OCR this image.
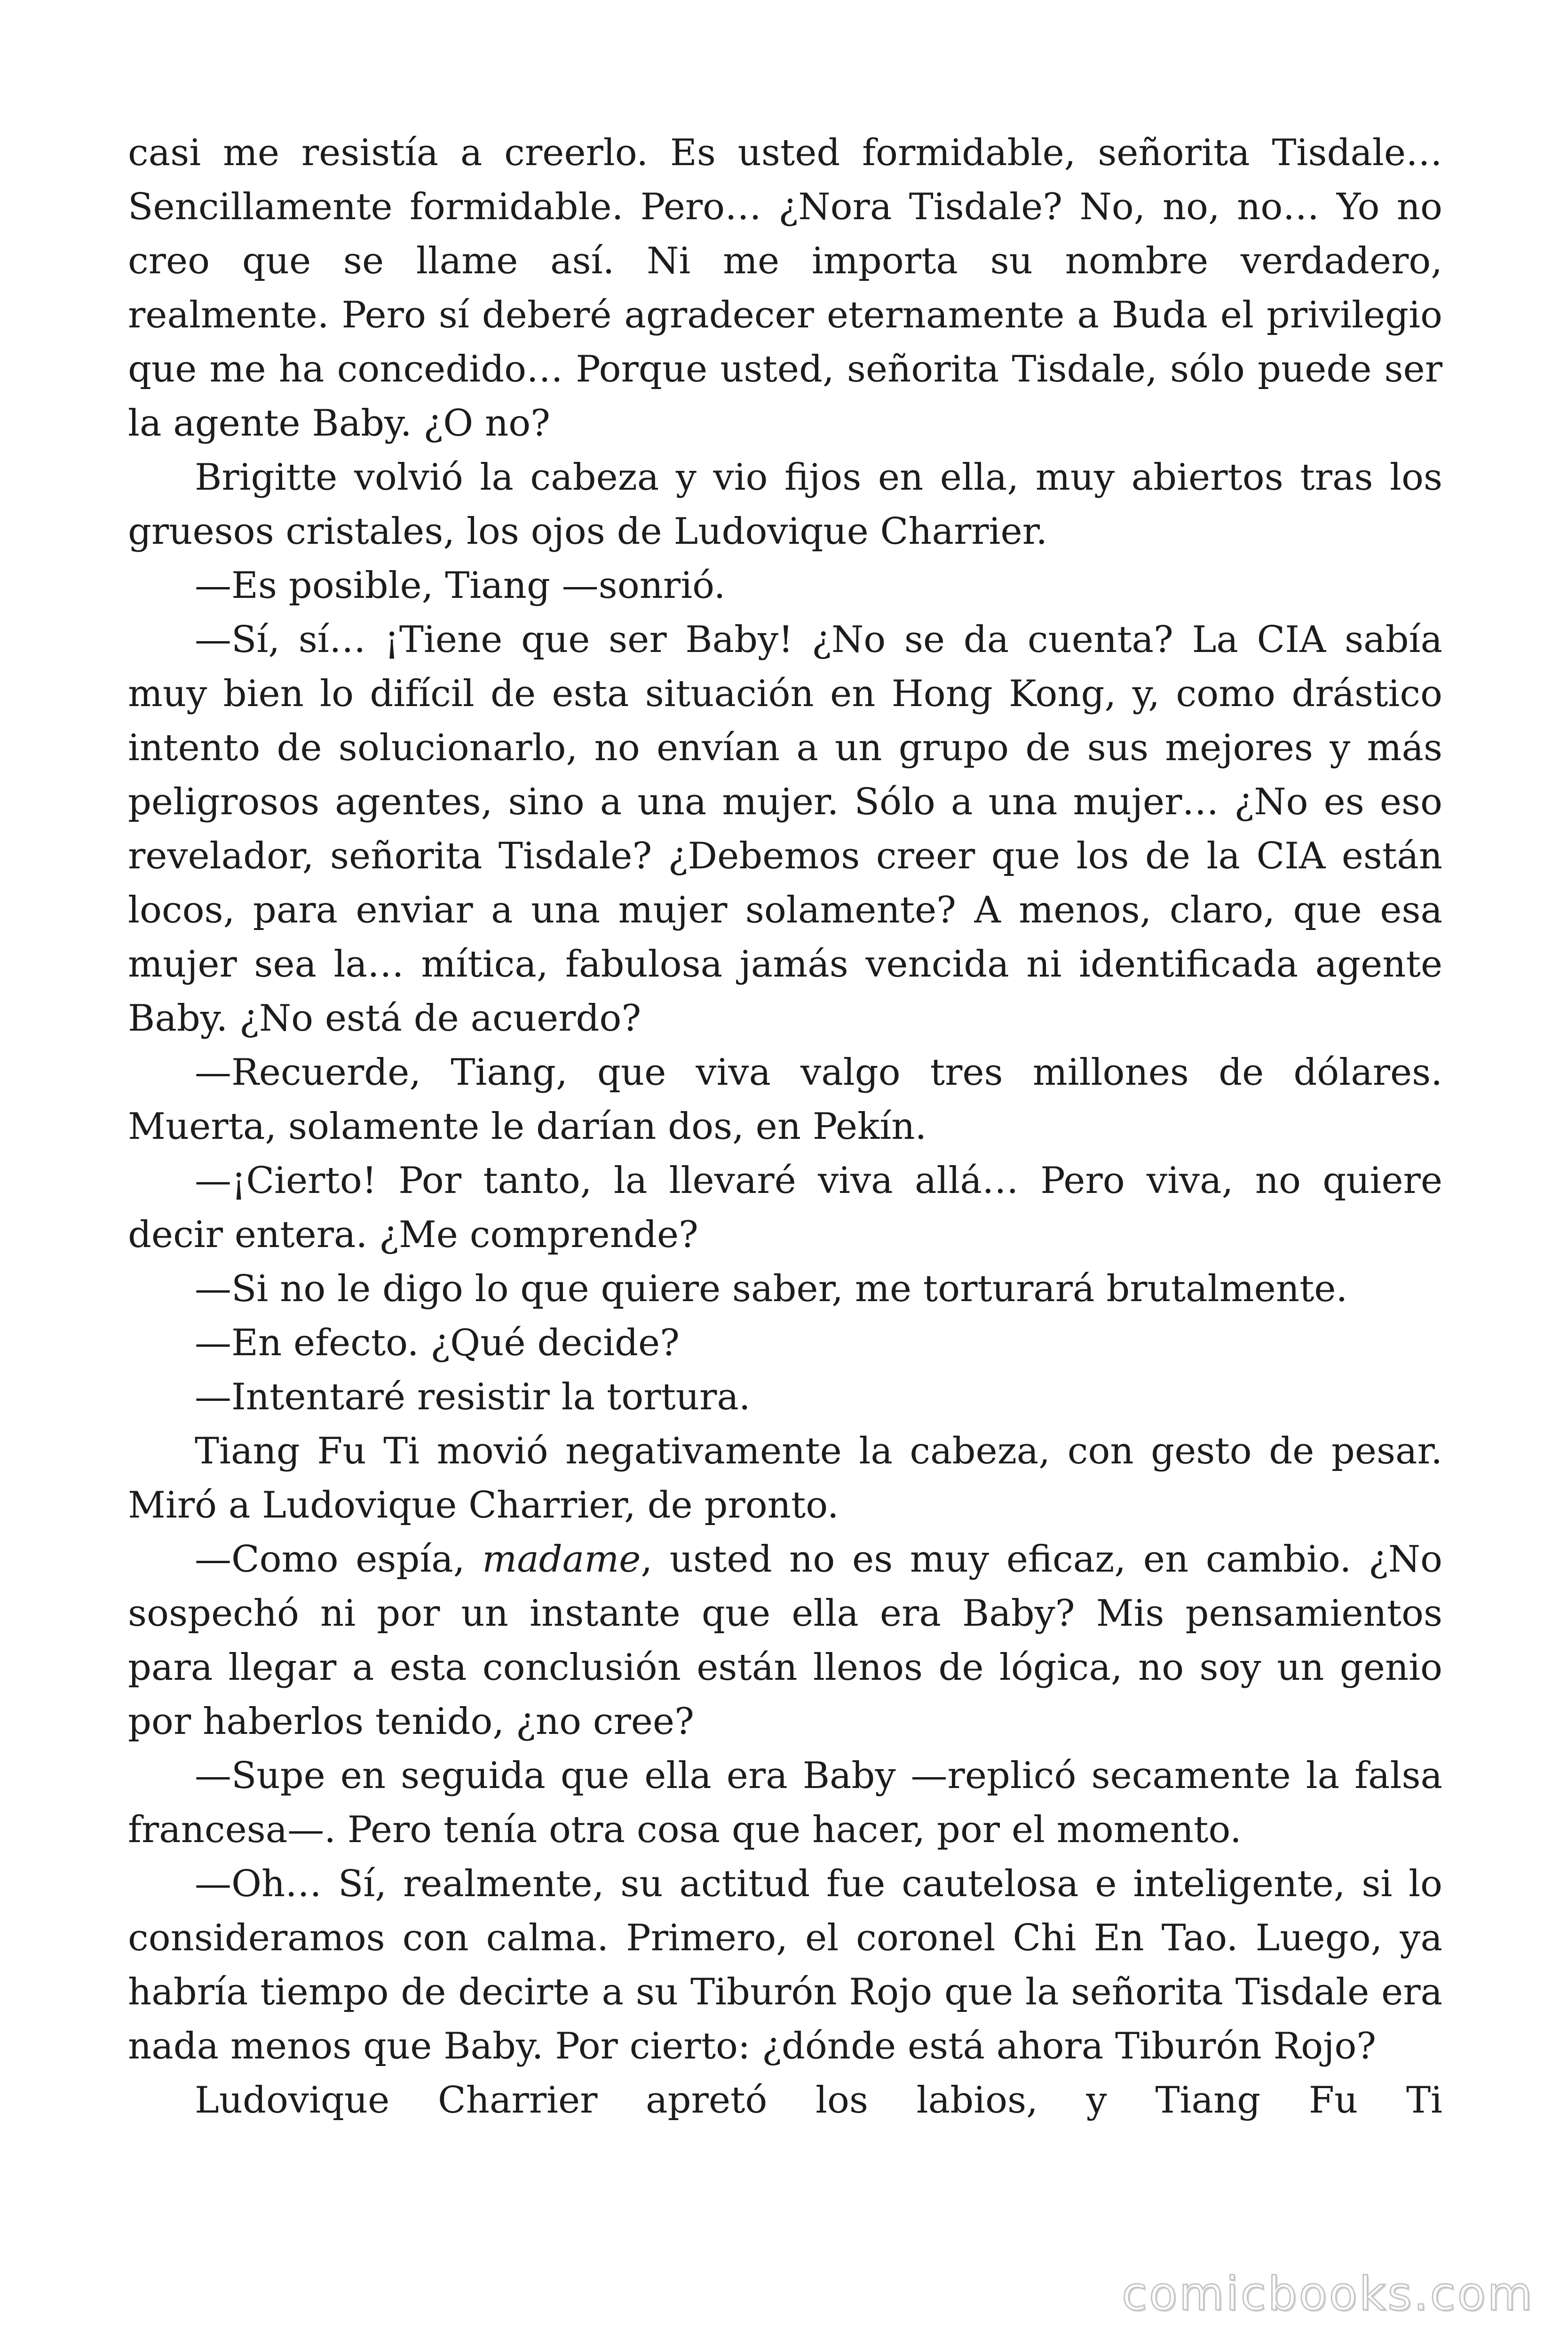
casi me resistía a creerlo. Es usted formidable, señorita Tisdale… Sencillamente formidable. Pero… ¿Nora Tisdale? No, no, no… Yo no creo que se llame así. Ni me importa su nombre verdadero, realmente. Pero sí deberé agradecer eternamente a Buda el privilegio que me ha concedido… Porque usted, señorita Tisdale, sólo puede ser la agente Baby. ¿O no?

Brigitte volvió la cabeza y vio fijos en ella, muy abiertos tras los gruesos cristales, los ojos de Ludovique Charrier.

—Es posible, Tiang —sonrió.

—Sí, sí… ¡Tiene que ser Baby! ¿No se da cuenta? La CIA sabía muy bien lo difícil de esta situación en Hong Kong, y, como drástico intento de solucionarlo, no envían a un grupo de sus mejores y más peligrosos agentes, sino a una mujer. Sólo a una mujer… ¿No es eso revelador, señorita Tisdale? ¿Debemos creer que los de la CIA están locos, para enviar a una mujer solamente? A menos, claro, que esa mujer sea la… mítica, fabulosa jamás vencida ni identificada agente Baby. ¿No está de acuerdo?

—Recuerde, Tiang, que viva valgo tres millones de dólares. Muerta, solamente le darían dos, en Pekín.

—¡Cierto! Por tanto, la llevaré viva allá… Pero viva, no quiere decir entera. ¿Me comprende?

—Si no le digo lo que quiere saber, me torturará brutalmente.

—En efecto. ¿Qué decide?

—Intentaré resistir la tortura.

Tiang Fu Ti movió negativamente la cabeza, con gesto de pesar. Miró a Ludovique Charrier, de pronto.

—Como espía, madame, usted no es muy eficaz, en cambio. ¿No sospechó ni por un instante que ella era Baby? Mis pensamientos para llegar a esta conclusión están llenos de lógica, no soy un genio por haberlos tenido, ¿no cree?

—Supe en seguida que ella era Baby —replicó secamente la falsa francesa—. Pero tenía otra cosa que hacer, por el momento.

—Oh… Sí, realmente, su actitud fue cautelosa e inteligente, si lo consideramos con calma. Primero, el coronel Chi En Tao. Luego, ya habría tiempo de decirte a su Tiburón Rojo que la señorita Tisdale era nada menos que Baby. Por cierto: ¿dónde está ahora Tiburón Rojo?

Ludovique Charrier apretó los labios, y Tiang Fu Ti

comicbooks.com
